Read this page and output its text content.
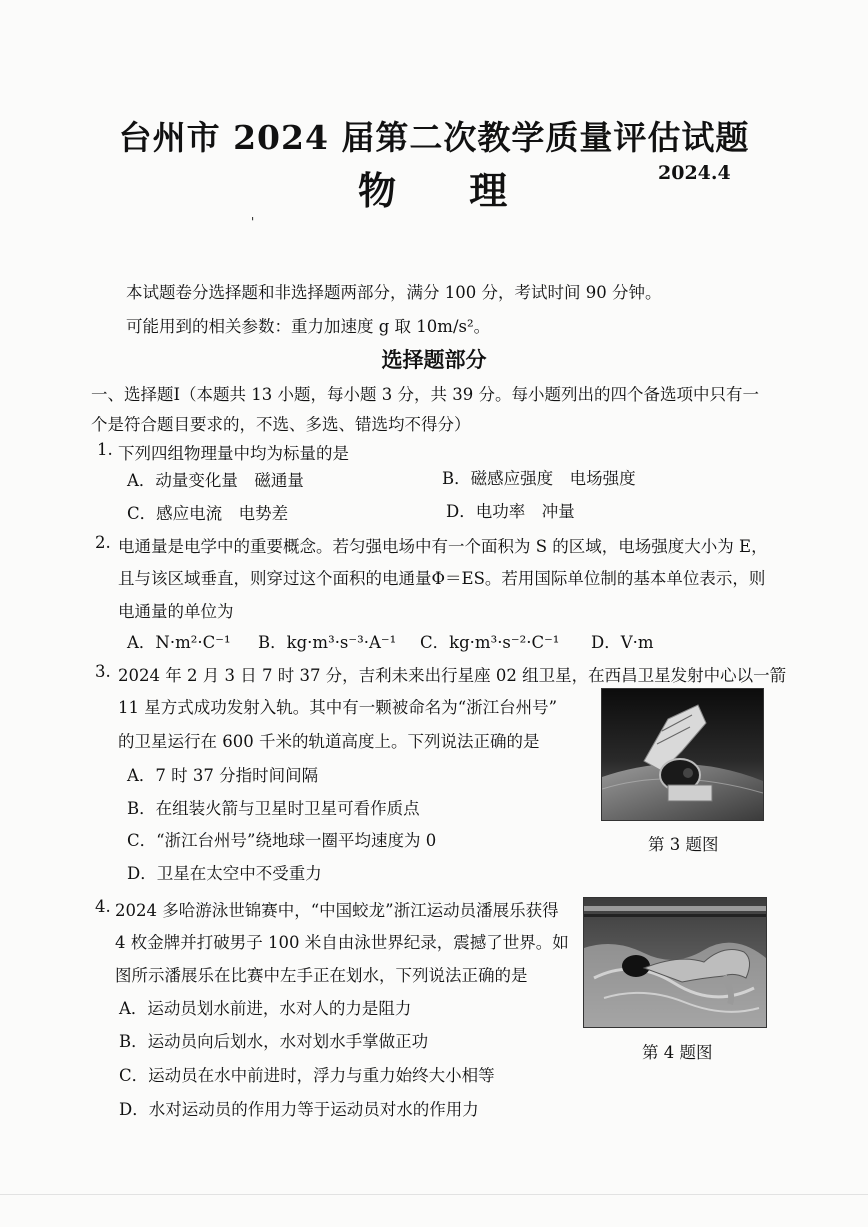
台州市 2024 届第二次教学质量评估试题
物 理	2024.4
'
本试题卷分选择题和非选择题两部分，满分 100 分，考试时间 90 分钟。
可能用到的相关参数：重力加速度 g 取 10m/s²。
选择题部分
一、选择题Ⅰ（本题共 13 小题，每小题 3 分，共 39 分。每小题列出的四个备选项中只有一
个是符合题目要求的，不选、多选、错选均不得分）
1. 下列四组物理量中均为标量的是
A．动量变化量　磁通量	B．磁感应强度　电场强度
C．感应电流　电势差	D．电功率　冲量
2. 电通量是电学中的重要概念。若匀强电场中有一个面积为 S 的区域，电场强度大小为 E，
且与该区域垂直，则穿过这个面积的电通量Φ＝ES。若用国际单位制的基本单位表示，则
电通量的单位为
A．N·m²·C⁻¹ B．kg·m³·s⁻³·A⁻¹ C．kg·m³·s⁻²·C⁻¹ D．V·m
3. 2024 年 2 月 3 日 7 时 37 分，吉利未来出行星座 02 组卫星，在西昌卫星发射中心以一箭
11 星方式成功发射入轨。其中有一颗被命名为“浙江台州号”
的卫星运行在 600 千米的轨道高度上。下列说法正确的是
A．7 时 37 分指时间间隔
B．在组装火箭与卫星时卫星可看作质点
C．“浙江台州号”绕地球一圈平均速度为 0
D．卫星在太空中不受重力
第 3 题图
4. 2024 多哈游泳世锦赛中，“中国蛟龙”浙江运动员潘展乐获得
4 枚金牌并打破男子 100 米自由泳世界纪录，震撼了世界。如
图所示潘展乐在比赛中左手正在划水，下列说法正确的是
A．运动员划水前进，水对人的力是阻力
B．运动员向后划水，水对划水手掌做正功
C．运动员在水中前进时，浮力与重力始终大小相等
D．水对运动员的作用力等于运动员对水的作用力
第 4 题图
